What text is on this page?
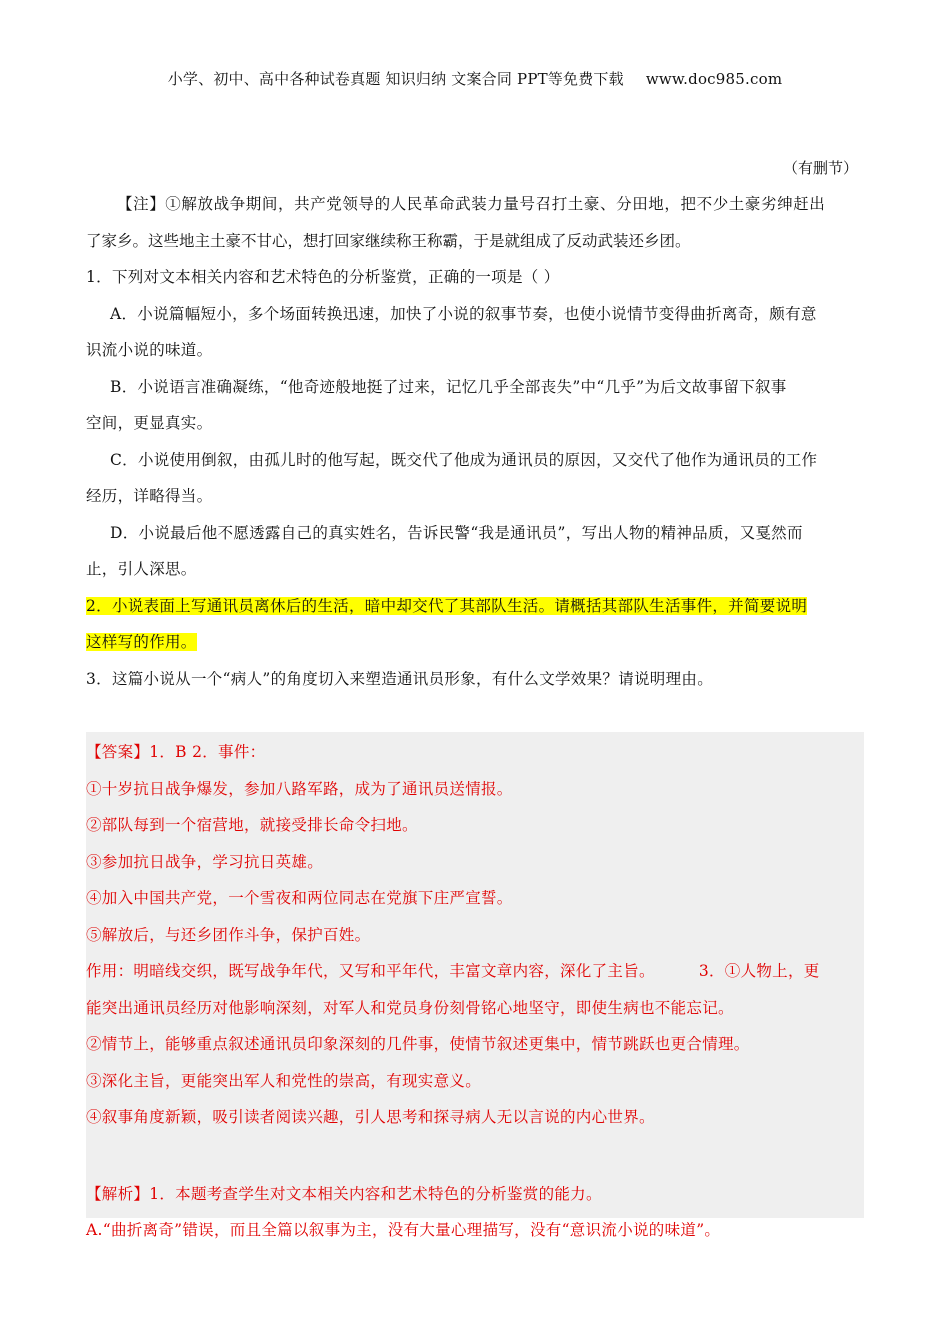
小学、初中、高中各种试卷真题 知识归纳 文案合同 PPT等免费下载 www.doc985.com
（有删节）

【注】①解放战争期间，共产党领导的人民革命武装力量号召打土豪、分田地，把不少土豪劣绅赶出

了家乡。这些地主土豪不甘心，想打回家继续称王称霸，于是就组成了反动武装还乡团。

1．下列对文本相关内容和艺术特色的分析鉴赏，正确的一项是（ ）

A．小说篇幅短小，多个场面转换迅速，加快了小说的叙事节奏，也使小说情节变得曲折离奇，颇有意

识流小说的味道。

B．小说语言准确凝练，“他奇迹般地挺了过来，记忆几乎全部丧失”中“几乎”为后文故事留下叙事

空间，更显真实。

C．小说使用倒叙，由孤儿时的他写起，既交代了他成为通讯员的原因，又交代了他作为通讯员的工作

经历，详略得当。

D．小说最后他不愿透露自己的真实姓名，告诉民警“我是通讯员”，写出人物的精神品质，又戛然而

止，引人深思。

2．小说表面上写通讯员离休后的生活，暗中却交代了其部队生活。请概括其部队生活事件，并简要说明

这样写的作用。

3．这篇小说从一个“病人”的角度切入来塑造通讯员形象，有什么文学效果？请说明理由。

【答案】1．B 2．事件：

①十岁抗日战争爆发，参加八路军路，成为了通讯员送情报。

②部队每到一个宿营地，就接受排长命令扫地。

③参加抗日战争，学习抗日英雄。

④加入中国共产党，一个雪夜和两位同志在党旗下庄严宣誓。

⑤解放后，与还乡团作斗争，保护百姓。

作用：明暗线交织，既写战争年代，又写和平年代，丰富文章内容，深化了主旨。	3．①人物上，更

能突出通讯员经历对他影响深刻，对军人和党员身份刻骨铭心地坚守，即使生病也不能忘记。

②情节上，能够重点叙述通讯员印象深刻的几件事，使情节叙述更集中，情节跳跃也更合情理。

③深化主旨，更能突出军人和党性的崇高，有现实意义。

④叙事角度新颖，吸引读者阅读兴趣，引人思考和探寻病人无以言说的内心世界。

【解析】1．本题考查学生对文本相关内容和艺术特色的分析鉴赏的能力。

A.“曲折离奇”错误，而且全篇以叙事为主，没有大量心理描写，没有“意识流小说的味道”。
